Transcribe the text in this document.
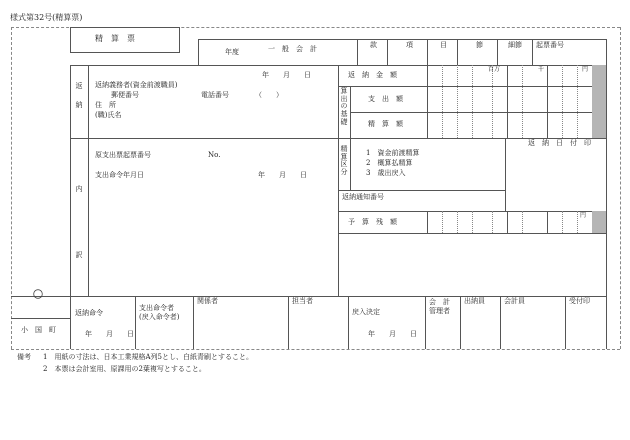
様式第32号(精算票)
精　算　票
年度	一　般　会　計	款	項	目	節	細節 起票番号
返

納
内

訳
小　国　町
年　　月　　日
返納義務者(資金前渡職員)
郵便番号	電話番号	（　　）
住　所
(職)氏名
返　納　金　額
算
出
の
基
礎
支　出　額
精　算　額
百万	千	円
原支出票起票番号	No.
支出命令年月日	年　　月　　日
精
算
区
分
1　資金前渡精算
2　概算払精算
3　歳出戻入
返　納　日　付　印
返納通知番号
予　算　残　額
円
返納命令
年　　月　　日
支出命令者
(戻入命令者)
関係者	担当者
戻入決定
年　　月　　日
会　計
管理者
出納員	会計員	受付印
備考 1　用紙の寸法は、日本工業規格A列5とし、白紙青刷とすること。
2　本票は会計室用、原課用の2葉複写とすること。
